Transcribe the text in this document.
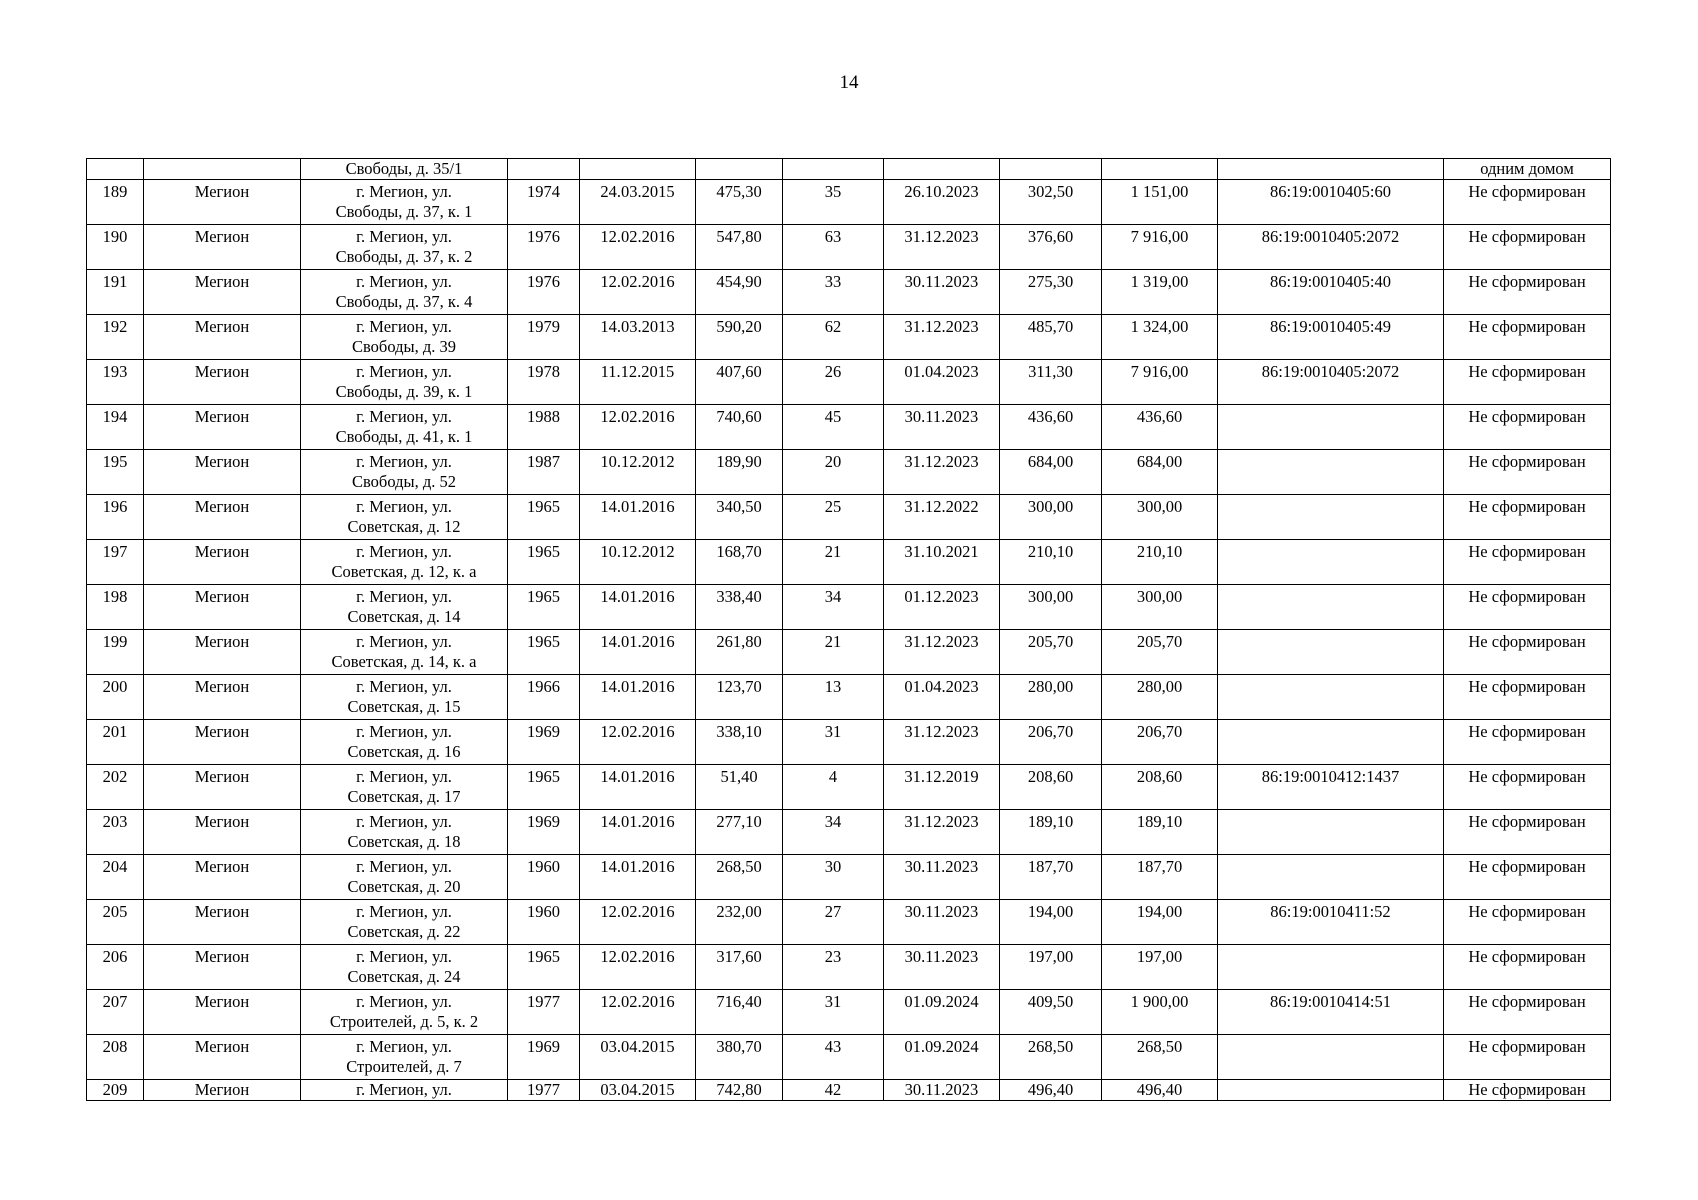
14
		Свободы, д. 35/1									одним домом
189	Мегион	г. Мегион, ул.
Свободы, д. 37, к. 1	1974	24.03.2015	475,30	35	26.10.2023	302,50	1 151,00	86:19:0010405:60	Не сформирован
190	Мегион	г. Мегион, ул.
Свободы, д. 37, к. 2	1976	12.02.2016	547,80	63	31.12.2023	376,60	7 916,00	86:19:0010405:2072	Не сформирован
191	Мегион	г. Мегион, ул.
Свободы, д. 37, к. 4	1976	12.02.2016	454,90	33	30.11.2023	275,30	1 319,00	86:19:0010405:40	Не сформирован
192	Мегион	г. Мегион, ул.
Свободы, д. 39	1979	14.03.2013	590,20	62	31.12.2023	485,70	1 324,00	86:19:0010405:49	Не сформирован
193	Мегион	г. Мегион, ул.
Свободы, д. 39, к. 1	1978	11.12.2015	407,60	26	01.04.2023	311,30	7 916,00	86:19:0010405:2072	Не сформирован
194	Мегион	г. Мегион, ул.
Свободы, д. 41, к. 1	1988	12.02.2016	740,60	45	30.11.2023	436,60	436,60		Не сформирован
195	Мегион	г. Мегион, ул.
Свободы, д. 52	1987	10.12.2012	189,90	20	31.12.2023	684,00	684,00		Не сформирован
196	Мегион	г. Мегион, ул.
Советская, д. 12	1965	14.01.2016	340,50	25	31.12.2022	300,00	300,00		Не сформирован
197	Мегион	г. Мегион, ул.
Советская, д. 12, к. а	1965	10.12.2012	168,70	21	31.10.2021	210,10	210,10		Не сформирован
198	Мегион	г. Мегион, ул.
Советская, д. 14	1965	14.01.2016	338,40	34	01.12.2023	300,00	300,00		Не сформирован
199	Мегион	г. Мегион, ул.
Советская, д. 14, к. а	1965	14.01.2016	261,80	21	31.12.2023	205,70	205,70		Не сформирован
200	Мегион	г. Мегион, ул.
Советская, д. 15	1966	14.01.2016	123,70	13	01.04.2023	280,00	280,00		Не сформирован
201	Мегион	г. Мегион, ул.
Советская, д. 16	1969	12.02.2016	338,10	31	31.12.2023	206,70	206,70		Не сформирован
202	Мегион	г. Мегион, ул.
Советская, д. 17	1965	14.01.2016	51,40	4	31.12.2019	208,60	208,60	86:19:0010412:1437	Не сформирован
203	Мегион	г. Мегион, ул.
Советская, д. 18	1969	14.01.2016	277,10	34	31.12.2023	189,10	189,10		Не сформирован
204	Мегион	г. Мегион, ул.
Советская, д. 20	1960	14.01.2016	268,50	30	30.11.2023	187,70	187,70		Не сформирован
205	Мегион	г. Мегион, ул.
Советская, д. 22	1960	12.02.2016	232,00	27	30.11.2023	194,00	194,00	86:19:0010411:52	Не сформирован
206	Мегион	г. Мегион, ул.
Советская, д. 24	1965	12.02.2016	317,60	23	30.11.2023	197,00	197,00		Не сформирован
207	Мегион	г. Мегион, ул.
Строителей, д. 5, к. 2	1977	12.02.2016	716,40	31	01.09.2024	409,50	1 900,00	86:19:0010414:51	Не сформирован
208	Мегион	г. Мегион, ул.
Строителей, д. 7	1969	03.04.2015	380,70	43	01.09.2024	268,50	268,50		Не сформирован
209	Мегион	г. Мегион, ул.	1977	03.04.2015	742,80	42	30.11.2023	496,40	496,40		Не сформирован
